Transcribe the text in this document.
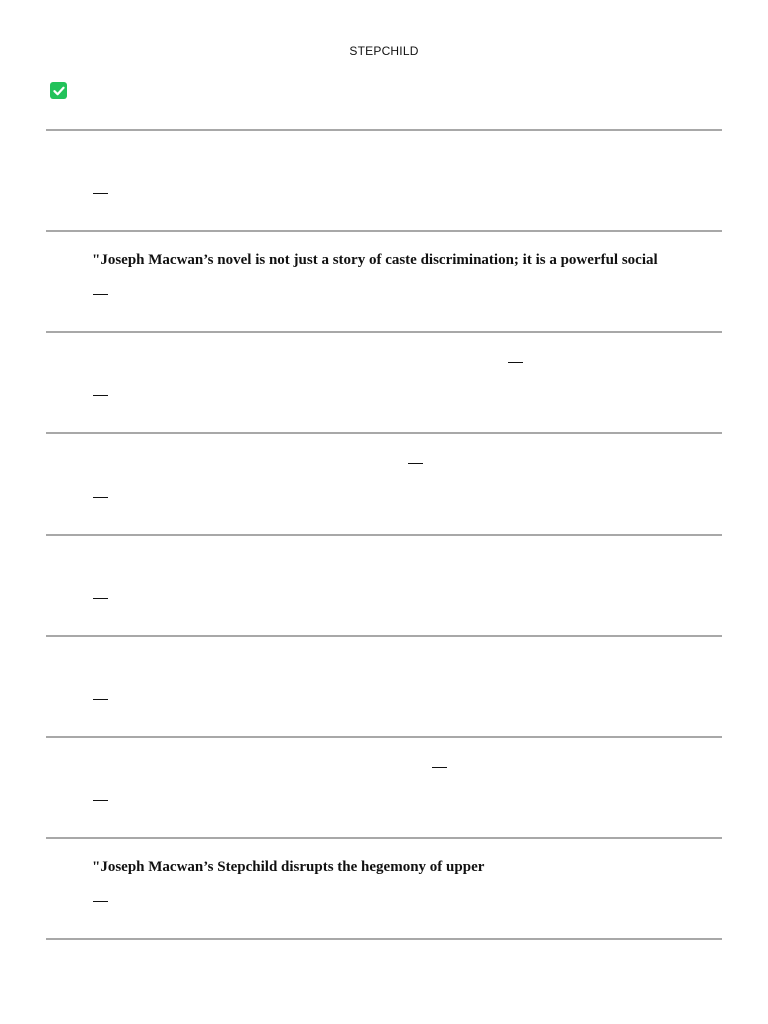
STEPCHILD
"Joseph Macwan’s novel is not just a story of caste discrimination; it is a powerful social
"Joseph Macwan’s Stepchild disrupts the hegemony of upper
